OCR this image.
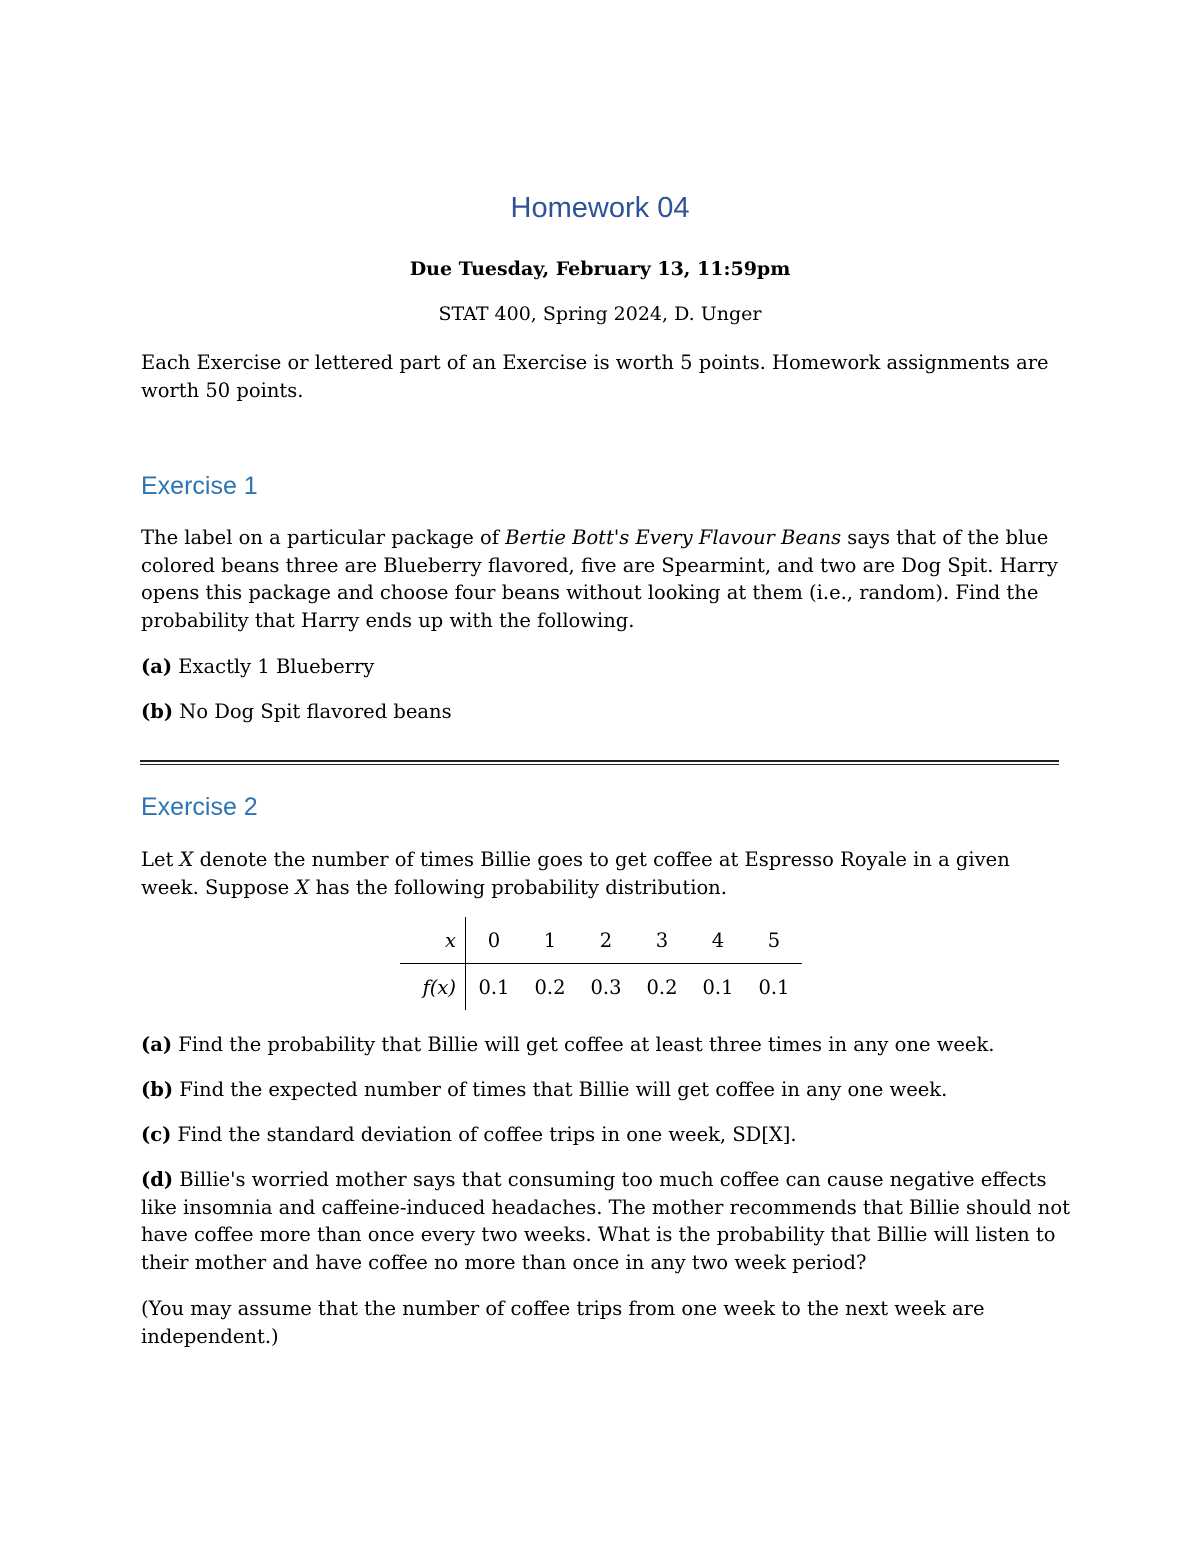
Homework 04
Due Tuesday, February 13, 11:59pm
STAT 400, Spring 2024, D. Unger

Each Exercise or lettered part of an Exercise is worth 5 points. Homework assignments are worth 50 points.

Exercise 1

The label on a particular package of Bertie Bott's Every Flavour Beans says that of the blue colored beans three are Blueberry flavored, five are Spearmint, and two are Dog Spit. Harry opens this package and choose four beans without looking at them (i.e., random). Find the probability that Harry ends up with the following.

(a) Exactly 1 Blueberry

(b) No Dog Spit flavored beans

Exercise 2

Let X denote the number of times Billie goes to get coffee at Espresso Royale in a given week. Suppose X has the following probability distribution.

x	0	1	2	3	4	5
f(x)	0.1	0.2	0.3	0.2	0.1	0.1

(a) Find the probability that Billie will get coffee at least three times in any one week.

(b) Find the expected number of times that Billie will get coffee in any one week.

(c) Find the standard deviation of coffee trips in one week, SD[X].

(d) Billie's worried mother says that consuming too much coffee can cause negative effects like insomnia and caffeine-induced headaches. The mother recommends that Billie should not have coffee more than once every two weeks. What is the probability that Billie will listen to their mother and have coffee no more than once in any two week period?

(You may assume that the number of coffee trips from one week to the next week are independent.)
